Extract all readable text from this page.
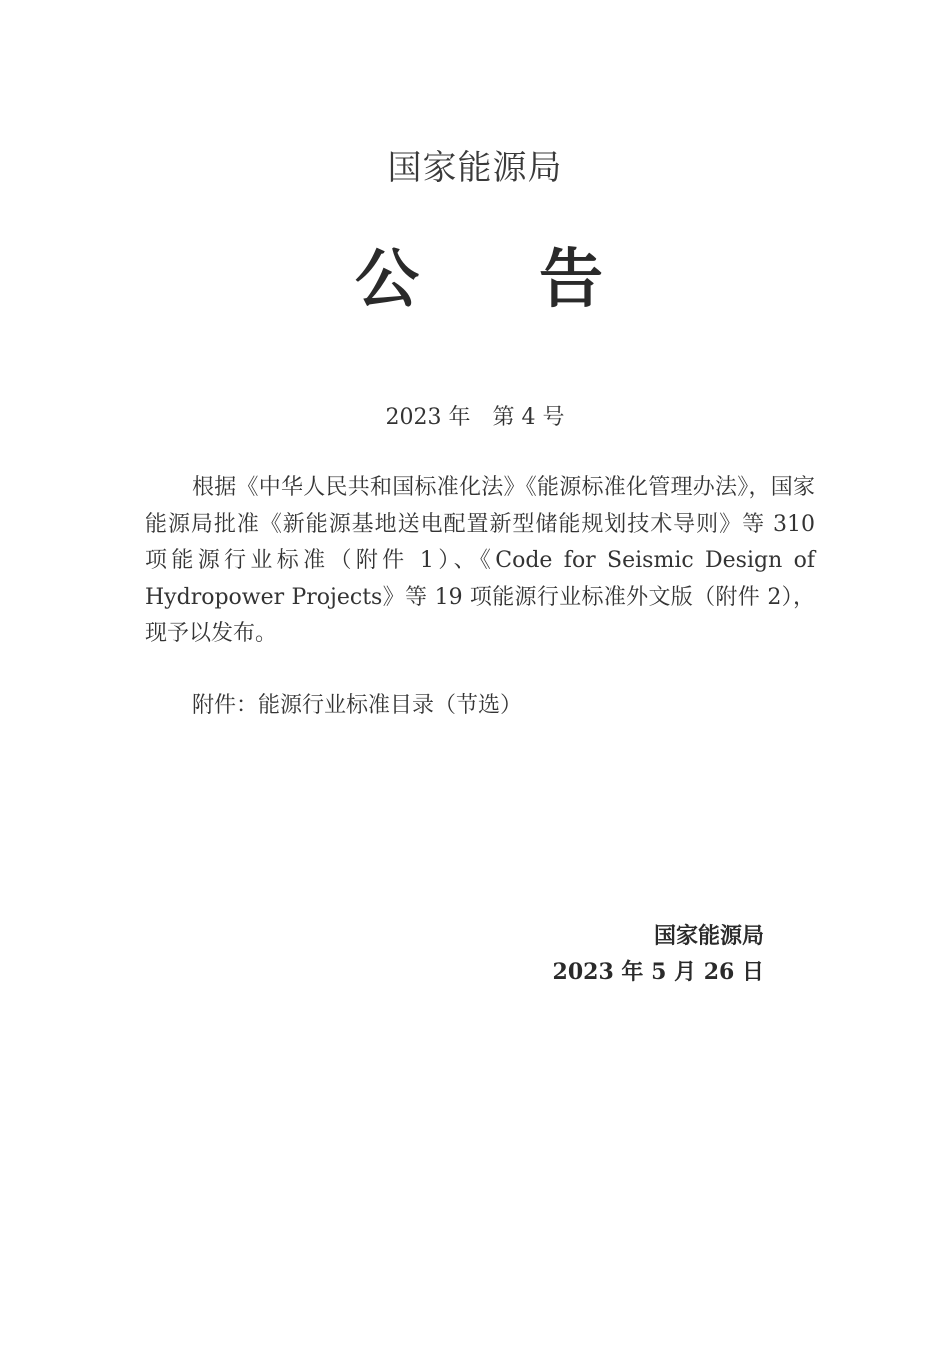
国家能源局
公 告
2023 年 第 4 号

根据《中华人民共和国标准化法》《能源标准化管理办法》，国家能源局批准《新能源基地送电配置新型储能规划技术导则》等 310 项能源行业标准（附件 1）、《Code for Seismic Design of Hydropower Projects》等 19 项能源行业标准外文版（附件 2），现予以发布。

附件：能源行业标准目录（节选）
国家能源局
2023 年 5 月 26 日
